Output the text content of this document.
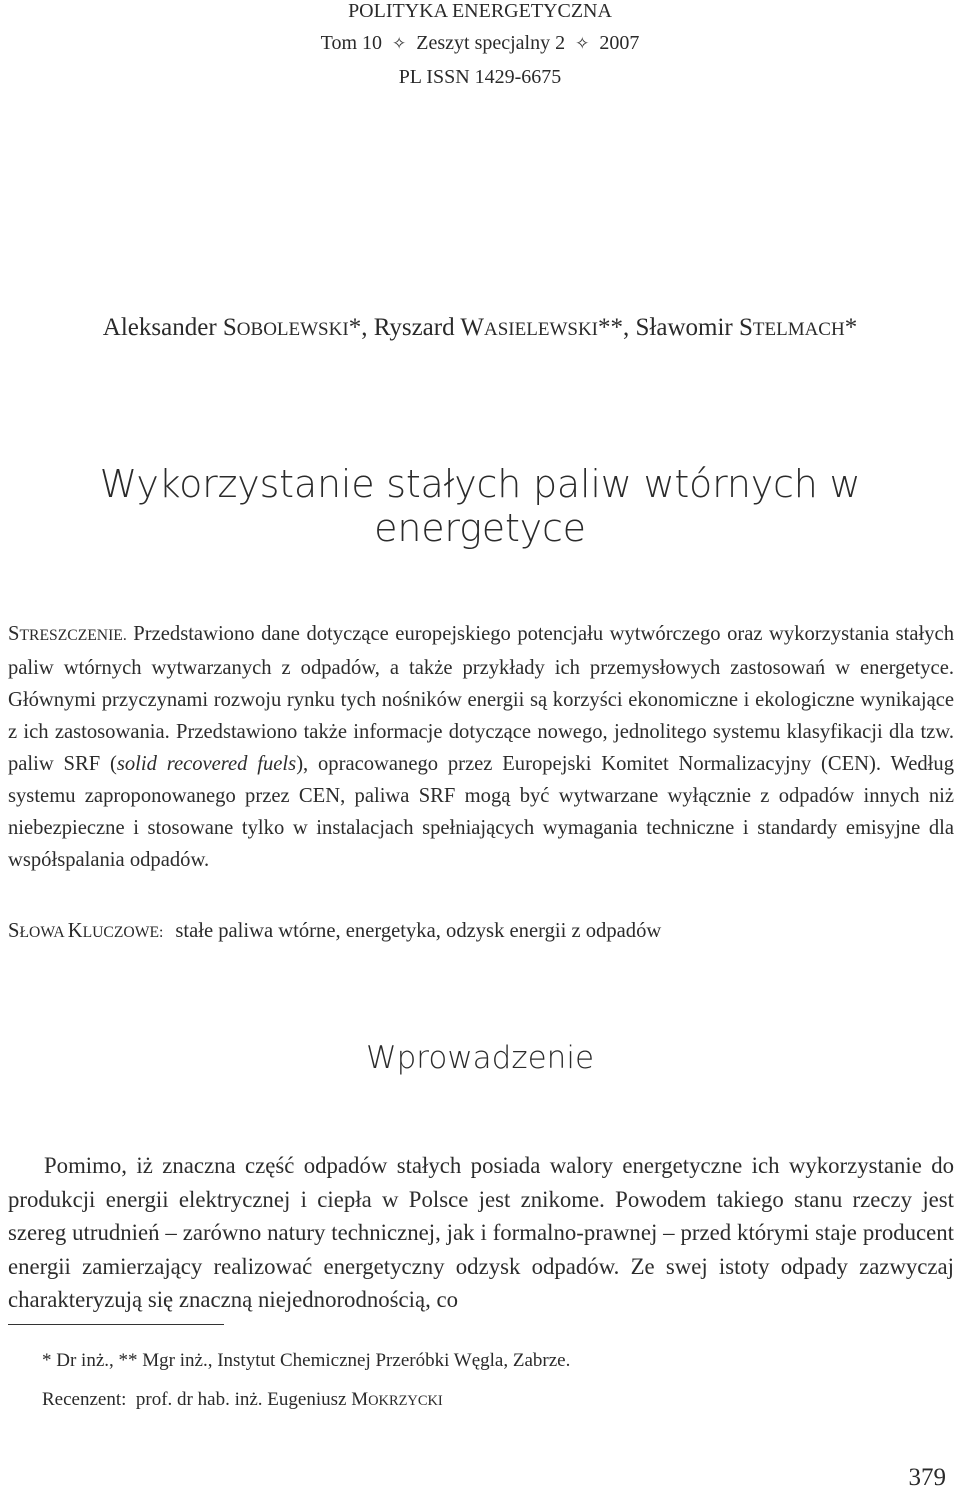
POLITYKA ENERGETYCZNA
Tom 10 ✧ Zeszyt specjalny 2 ✧ 2007
PL ISSN 1429-6675
Aleksander SOBOLEWSKI*, Ryszard WASIELEWSKI**, Sławomir STELMACH*
Wykorzystanie stałych paliw wtórnych w energetyce
STRESZCZENIE. Przedstawiono dane dotyczące europejskiego potencjału wytwórczego oraz wykorzystania stałych paliw wtórnych wytwarzanych z odpadów, a także przykłady ich przemysłowych zastosowań w energetyce. Głównymi przyczynami rozwoju rynku tych nośników energii są korzyści ekonomiczne i ekologiczne wynikające z ich zastosowania. Przedstawiono także informacje dotyczące nowego, jednolitego systemu klasyfikacji dla tzw. paliw SRF (solid recovered fuels), opracowanego przez Europejski Komitet Normalizacyjny (CEN). Według systemu zaproponowanego przez CEN, paliwa SRF mogą być wytwarzane wyłącznie z odpadów innych niż niebezpieczne i stosowane tylko w instalacjach spełniających wymagania techniczne i standardy emisyjne dla współspalania odpadów.
SŁOWA KLUCZOWE: stałe paliwa wtórne, energetyka, odzysk energii z odpadów
Wprowadzenie
Pomimo, iż znaczna część odpadów stałych posiada walory energetyczne ich wykorzystanie do produkcji energii elektrycznej i ciepła w Polsce jest znikome. Powodem takiego stanu rzeczy jest szereg utrudnień – zarówno natury technicznej, jak i formalno-prawnej – przed którymi staje producent energii zamierzający realizować energetyczny odzysk odpadów. Ze swej istoty odpady zazwyczaj charakteryzują się znaczną niejednorodnością, co
* Dr inż., ** Mgr inż., Instytut Chemicznej Przeróbki Węgla, Zabrze.
Recenzent: prof. dr hab. inż. Eugeniusz MOKRZYCKI
379
